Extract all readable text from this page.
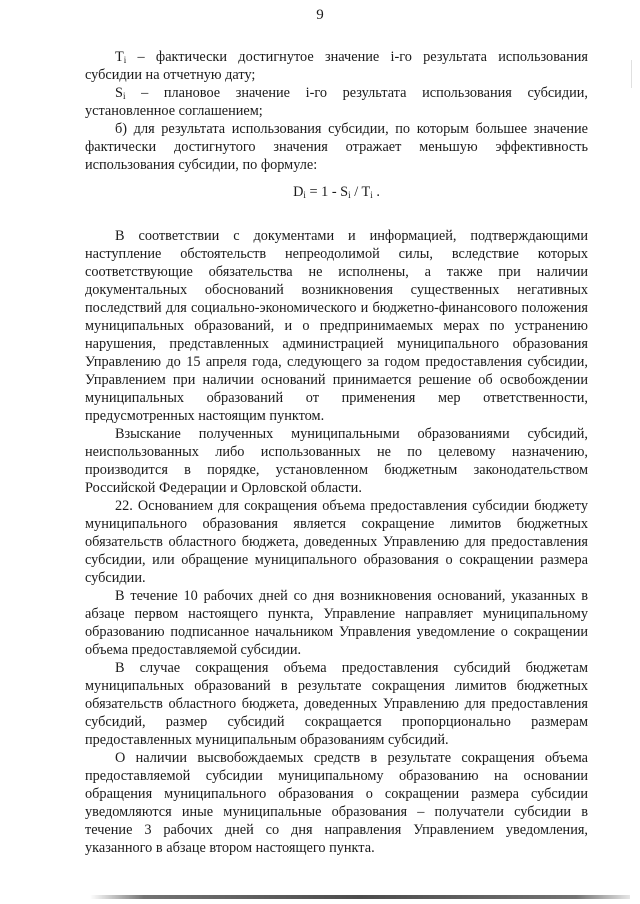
9

$T_i$ – фактически достигнутое значение i-го результата использования субсидии на отчетную дату;

$S_i$ – плановое значение i-го результата использования субсидии, установленное соглашением;

б) для результата использования субсидии, по которым большее значение фактически достигнутого значения отражает меньшую эффективность использования субсидии, по формуле:

$D_i = 1 - S_i / T_i$ .

В соответствии с документами и информацией, подтверждающими наступление обстоятельств непреодолимой силы, вследствие которых соответствующие обязательства не исполнены, а также при наличии документальных обоснований возникновения существенных негативных последствий для социально-экономического и бюджетно-финансового положения муниципальных образований, и о предпринимаемых мерах по устранению нарушения, представленных администрацией муниципального образования Управлению до 15 апреля года, следующего за годом предоставления субсидии, Управлением при наличии оснований принимается решение об освобождении муниципальных образований от применения мер ответственности, предусмотренных настоящим пунктом.

Взыскание полученных муниципальными образованиями субсидий, неиспользованных либо использованных не по целевому назначению, производится в порядке, установленном бюджетным законодательством Российской Федерации и Орловской области.

22. Основанием для сокращения объема предоставления субсидии бюджету муниципального образования является сокращение лимитов бюджетных обязательств областного бюджета, доведенных Управлению для предоставления субсидии, или обращение муниципального образования о сокращении размера субсидии.

В течение 10 рабочих дней со дня возникновения оснований, указанных в абзаце первом настоящего пункта, Управление направляет муниципальному образованию подписанное начальником Управления уведомление о сокращении объема предоставляемой субсидии.

В случае сокращения объема предоставления субсидий бюджетам муниципальных образований в результате сокращения лимитов бюджетных обязательств областного бюджета, доведенных Управлению для предоставления субсидий, размер субсидий сокращается пропорционально размерам предоставленных муниципальным образованиям субсидий.

О наличии высвобождаемых средств в результате сокращения объема предоставляемой субсидии муниципальному образованию на основании обращения муниципального образования о сокращении размера субсидии уведомляются иные муниципальные образования – получатели субсидии в течение 3 рабочих дней со дня направления Управлением уведомления, указанного в абзаце втором настоящего пункта.
